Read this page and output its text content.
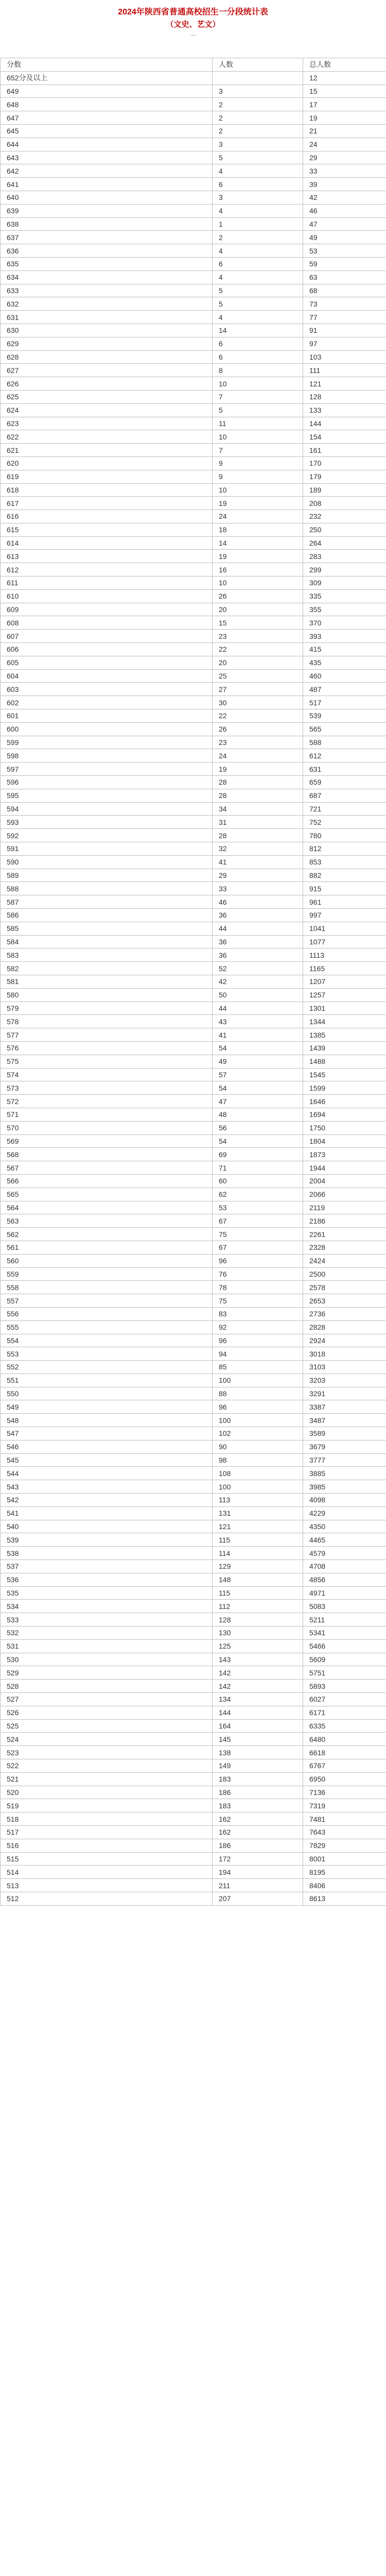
2024年陕西省普通高校招生一分段统计表
（文史、艺文）
—
分数	人数	总人数
652分及以上		12
649	3	15
648	2	17
647	2	19
645	2	21
644	3	24
643	5	29
642	4	33
641	6	39
640	3	42
639	4	46
638	1	47
637	2	49
636	4	53
635	6	59
634	4	63
633	5	68
632	5	73
631	4	77
630	14	91
629	6	97
628	6	103
627	8	111
626	10	121
625	7	128
624	5	133
623	11	144
622	10	154
621	7	161
620	9	170
619	9	179
618	10	189
617	19	208
616	24	232
615	18	250
614	14	264
613	19	283
612	16	299
611	10	309
610	26	335
609	20	355
608	15	370
607	23	393
606	22	415
605	20	435
604	25	460
603	27	487
602	30	517
601	22	539
600	26	565
599	23	588
598	24	612
597	19	631
596	28	659
595	28	687
594	34	721
593	31	752
592	28	780
591	32	812
590	41	853
589	29	882
588	33	915
587	46	961
586	36	997
585	44	1041
584	36	1077
583	36	1113
582	52	1165
581	42	1207
580	50	1257
579	44	1301
578	43	1344
577	41	1385
576	54	1439
575	49	1488
574	57	1545
573	54	1599
572	47	1646
571	48	1694
570	56	1750
569	54	1804
568	69	1873
567	71	1944
566	60	2004
565	62	2066
564	53	2119
563	67	2186
562	75	2261
561	67	2328
560	96	2424
559	76	2500
558	78	2578
557	75	2653
556	83	2736
555	92	2828
554	96	2924
553	94	3018
552	85	3103
551	100	3203
550	88	3291
549	96	3387
548	100	3487
547	102	3589
546	90	3679
545	98	3777
544	108	3885
543	100	3985
542	113	4098
541	131	4229
540	121	4350
539	115	4465
538	114	4579
537	129	4708
536	148	4856
535	115	4971
534	112	5083
533	128	5211
532	130	5341
531	125	5466
530	143	5609
529	142	5751
528	142	5893
527	134	6027
526	144	6171
525	164	6335
524	145	6480
523	138	6618
522	149	6767
521	183	6950
520	186	7136
519	183	7319
518	162	7481
517	162	7643
516	186	7829
515	172	8001
514	194	8195
513	211	8406
512	207	8613
